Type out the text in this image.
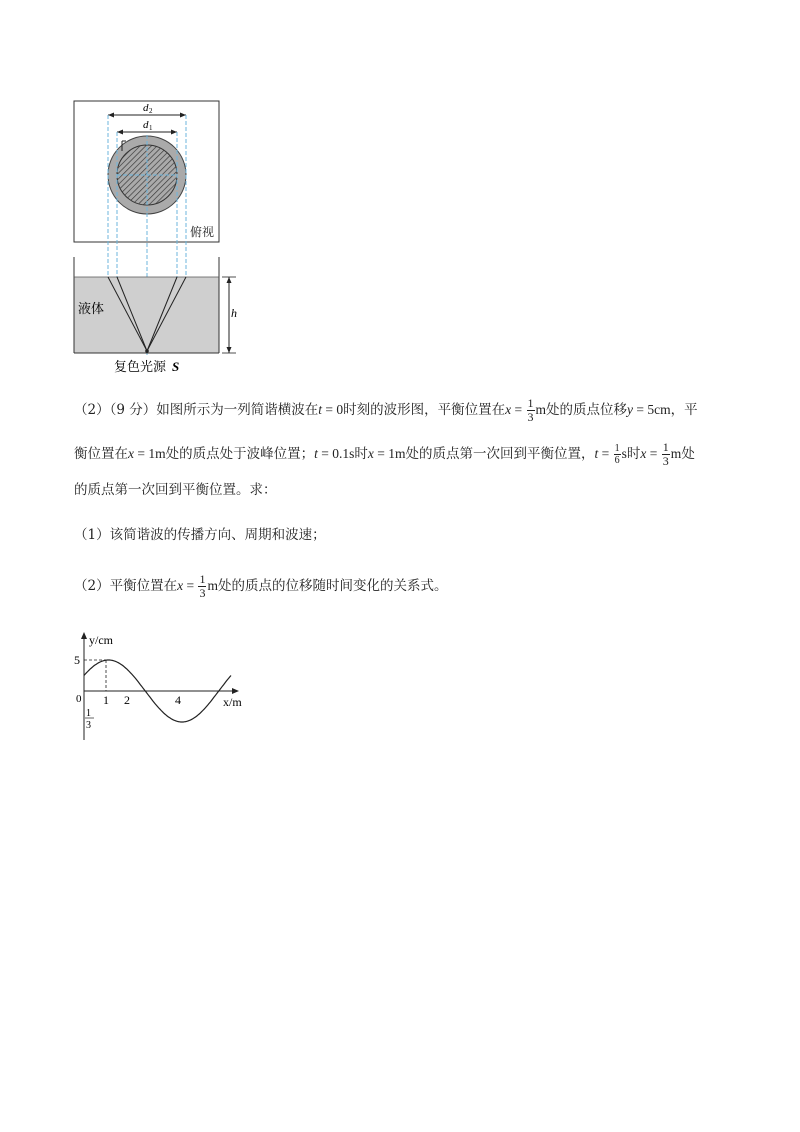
d 2
d 1
俯视
液体	h
复色光源 S
（2）（9 分）如图所示为一列简谐横波在t = 0时刻的波形图，平衡位置在$x = \frac{1}{3}$ m处的质点位移y = 5cm，平
衡位置在x = 1m处的质点处于波峰位置；t = 0.1s时x = 1m处的质点第一次回到平衡位置，$t = \frac{1}{6}$ s时$x = \frac{1}{3}$ m处
的质点第一次回到平衡位置。求：
（1）该简谐波的传播方向、周期和波速；
（2）平衡位置在$x = \frac{1}{3}$ m处的质点的位移随时间变化的关系式。
y/cm
x/m
5
0 1 2	4
1
3
